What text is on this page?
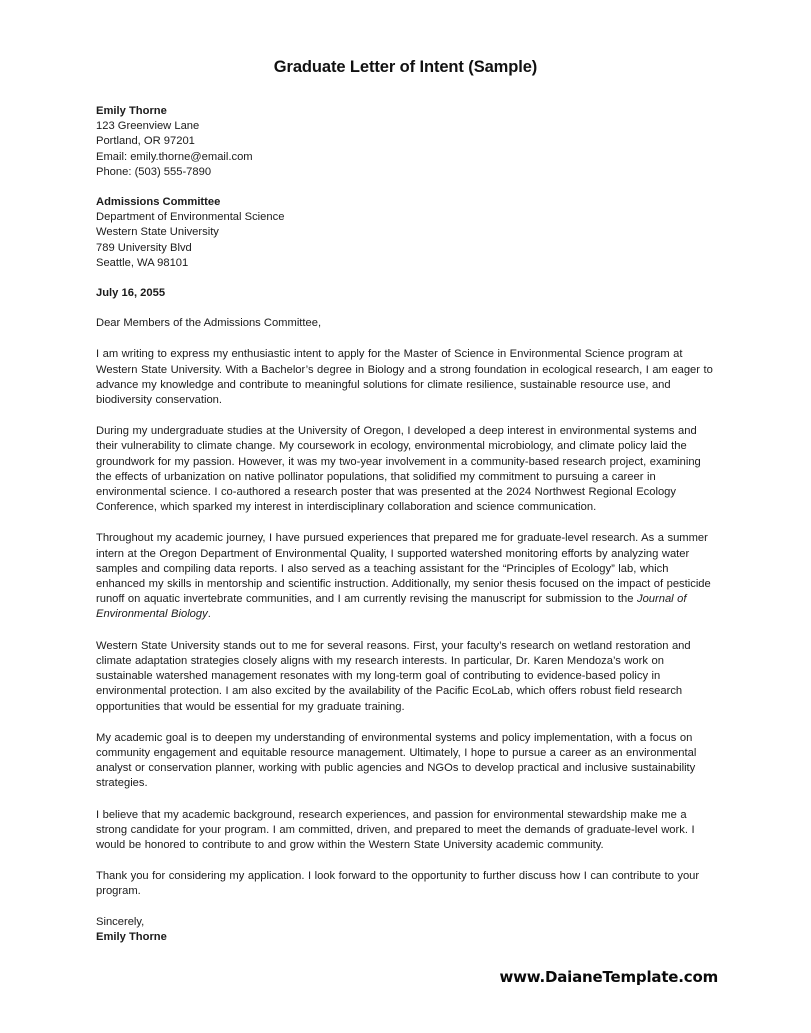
Graduate Letter of Intent (Sample)
Emily Thorne
123 Greenview Lane
Portland, OR 97201
Email: emily.thorne@email.com
Phone: (503) 555-7890
Admissions Committee
Department of Environmental Science
Western State University
789 University Blvd
Seattle, WA 98101
July 16, 2055
Dear Members of the Admissions Committee,

I am writing to express my enthusiastic intent to apply for the Master of Science in Environmental Science program at Western State University. With a Bachelor’s degree in Biology and a strong foundation in ecological research, I am eager to advance my knowledge and contribute to meaningful solutions for climate resilience, sustainable resource use, and biodiversity conservation.

During my undergraduate studies at the University of Oregon, I developed a deep interest in environmental systems and their vulnerability to climate change. My coursework in ecology, environmental microbiology, and climate policy laid the groundwork for my passion. However, it was my two-year involvement in a community-based research project, examining the effects of urbanization on native pollinator populations, that solidified my commitment to pursuing a career in environmental science. I co-authored a research poster that was presented at the 2024 Northwest Regional Ecology Conference, which sparked my interest in interdisciplinary collaboration and science communication.

Throughout my academic journey, I have pursued experiences that prepared me for graduate-level research. As a summer intern at the Oregon Department of Environmental Quality, I supported watershed monitoring efforts by analyzing water samples and compiling data reports. I also served as a teaching assistant for the “Principles of Ecology” lab, which enhanced my skills in mentorship and scientific instruction. Additionally, my senior thesis focused on the impact of pesticide runoff on aquatic invertebrate communities, and I am currently revising the manuscript for submission to the Journal of Environmental Biology.

Western State University stands out to me for several reasons. First, your faculty’s research on wetland restoration and climate adaptation strategies closely aligns with my research interests. In particular, Dr. Karen Mendoza’s work on sustainable watershed management resonates with my long-term goal of contributing to evidence-based policy in environmental protection. I am also excited by the availability of the Pacific EcoLab, which offers robust field research opportunities that would be essential for my graduate training.

My academic goal is to deepen my understanding of environmental systems and policy implementation, with a focus on community engagement and equitable resource management. Ultimately, I hope to pursue a career as an environmental analyst or conservation planner, working with public agencies and NGOs to develop practical and inclusive sustainability strategies.

I believe that my academic background, research experiences, and passion for environmental stewardship make me a strong candidate for your program. I am committed, driven, and prepared to meet the demands of graduate-level work. I would be honored to contribute to and grow within the Western State University academic community.

Thank you for considering my application. I look forward to the opportunity to further discuss how I can contribute to your program.

Sincerely,
Emily Thorne
www.DaianeTemplate.com
